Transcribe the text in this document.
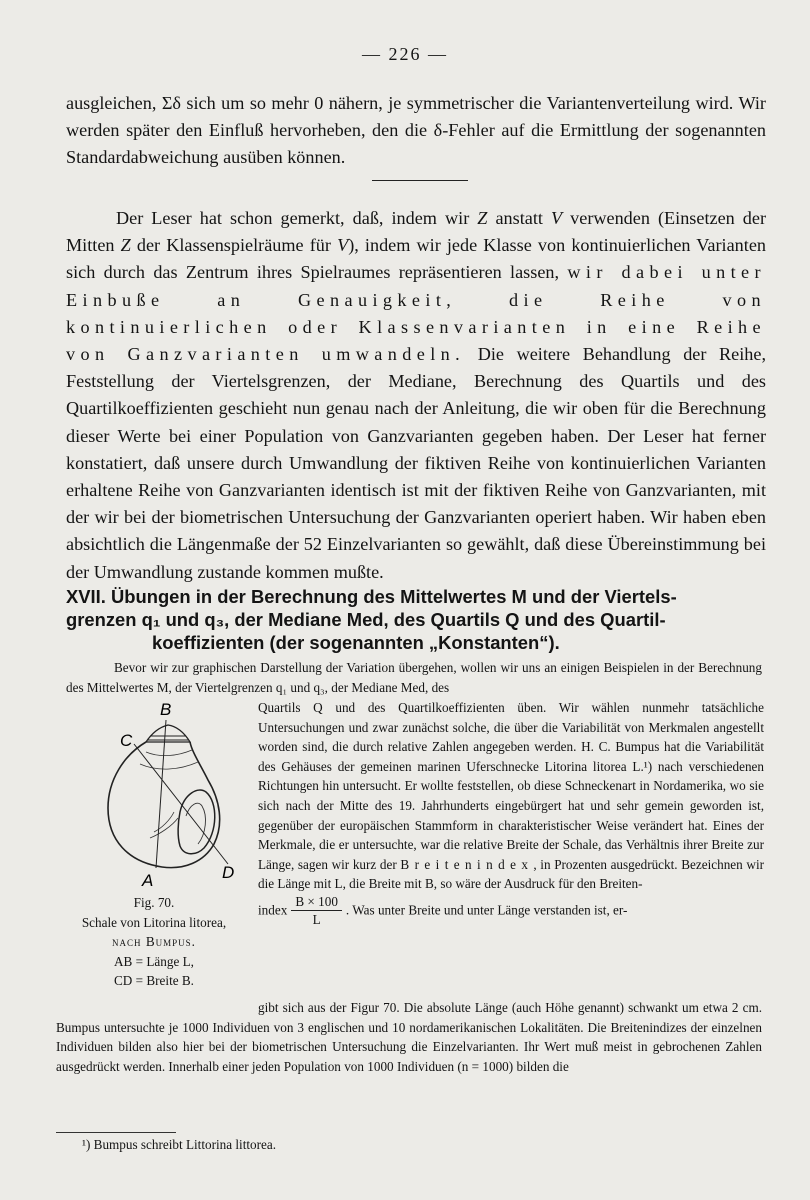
— 226 —
ausgleichen, Σδ sich um so mehr 0 nähern, je symmetrischer die Variantenverteilung wird. Wir werden später den Einfluß hervorheben, den die δ-Fehler auf die Ermittlung der sogenannten Standardabweichung ausüben können.
Der Leser hat schon gemerkt, daß, indem wir Z anstatt V verwenden (Einsetzen der Mitten Z der Klassenspielräume für V), indem wir jede Klasse von kontinuierlichen Varianten sich durch das Zentrum ihres Spielraumes repräsentieren lassen, wir dabei unter Einbuße an Genauigkeit, die Reihe von kontinuierlichen oder Klassenvarianten in eine Reihe von Ganzvarianten umwandeln. Die weitere Behandlung der Reihe, Feststellung der Viertelsgrenzen, der Mediane, Berechnung des Quartils und des Quartilkoeffizienten geschieht nun genau nach der Anleitung, die wir oben für die Berechnung dieser Werte bei einer Population von Ganzvarianten gegeben haben. Der Leser hat ferner konstatiert, daß unsere durch Umwandlung der fiktiven Reihe von kontinuierlichen Varianten erhaltene Reihe von Ganzvarianten identisch ist mit der fiktiven Reihe von Ganzvarianten, mit der wir bei der biometrischen Untersuchung der Ganzvarianten operiert haben. Wir haben eben absichtlich die Längenmaße der 52 Einzelvarianten so gewählt, daß diese Übereinstimmung bei der Umwandlung zustande kommen mußte.
XVII. Übungen in der Berechnung des Mittelwertes M und der Viertels-
grenzen q₁ und q₃, der Mediane Med, des Quartils Q und des Quartil-
koeffizienten (der sogenannten „Konstanten“).
Bevor wir zur graphischen Darstellung der Variation übergehen, wollen wir uns an einigen Beispielen in der Berechnung des Mittelwertes M, der Viertelgrenzen q₁ und q₃, der Mediane Med, des
B
C
A	D
Fig. 70.
Schale von Litorina litorea,
nach Bumpus.
AB = Länge L,
CD = Breite B.

Quartils Q und des Quartilkoeffizienten üben. Wir wählen nunmehr tatsächliche Untersuchungen und zwar zunächst solche, die über die Variabilität von Merkmalen angestellt worden sind, die durch relative Zahlen angegeben werden. H. C. Bumpus hat die Variabilität des Gehäuses der gemeinen marinen Uferschnecke Litorina litorea L.¹) nach verschiedenen Richtungen hin untersucht. Er wollte feststellen, ob diese Schneckenart in Nordamerika, wo sie sich nach der Mitte des 19. Jahrhunderts eingebürgert hat und sehr gemein geworden ist, gegenüber der europäischen Stammform in charakteristischer Weise verändert hat. Eines der Merkmale, die er untersuchte, war die relative Breite der Schale, das Verhältnis ihrer Breite zur Länge, sagen wir kurz der Breitenindex, in Prozenten ausgedrückt. Bezeichnen wir die Länge mit L, die Breite mit B, so wäre der Ausdruck für den Breiten-

index $\frac{B \times 100}{L}$ . Was unter Breite und unter Länge verstanden ist, er-

gibt sich aus der Figur 70. Die absolute Länge (auch Höhe genannt) schwankt um etwa 2 cm. Bumpus untersuchte je 1000 Individuen von 3 englischen und 10 nordamerikanischen Lokalitäten. Die Breitenindizes der einzelnen Individuen bilden also hier bei der biometrischen Untersuchung die Einzelvarianten. Ihr Wert muß meist in gebrochenen Zahlen ausgedrückt werden. Innerhalb einer jeden Population von 1000 Individuen (n = 1000) bilden die
¹) Bumpus schreibt Littorina littorea.
